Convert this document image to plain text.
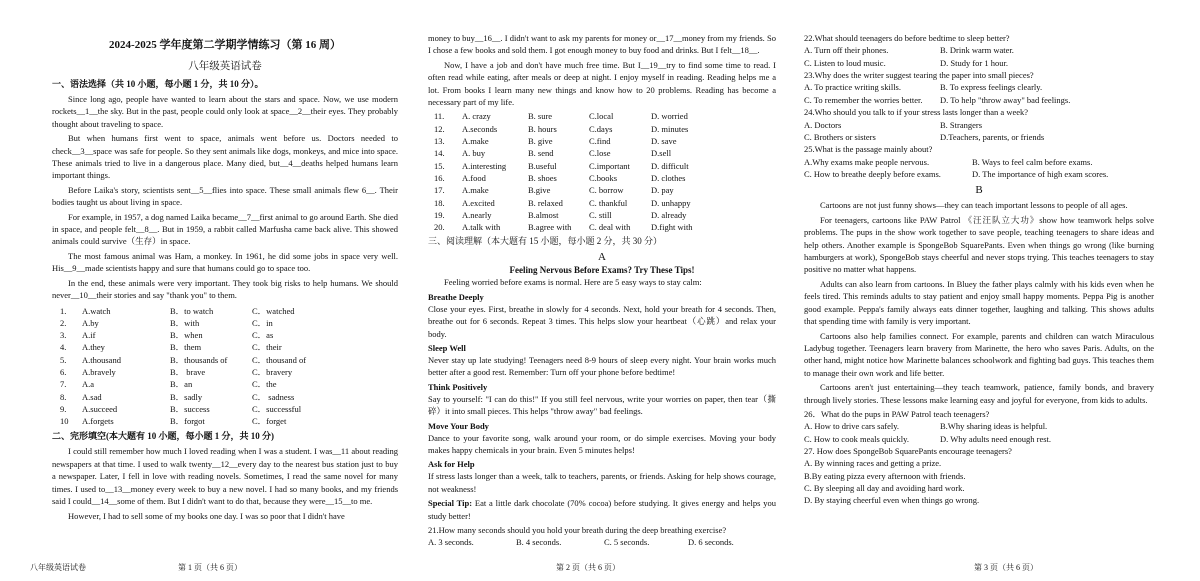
2024-2025 学年度第二学期学情练习（第 16 周）
八年级英语试卷
一、语法选择（共 10 小题，每小题 1 分，共 10 分）。

Since long ago, people have wanted to learn about the stars and space. Now, we use modern rockets__1__the sky. But in the past, people could only look at space__2__their eyes. They probably thought about traveling to space.

But when humans first went to space, animals went before us. Doctors needed to check__3__space was safe for people. So they sent animals like dogs, monkeys, and mice into space. These animals tried to live in a dangerous place. Many died, but__4__deaths helped humans learn important things.

Before Laika's story, scientists sent__5__flies into space. These small animals flew 6__. Their bodies taught us about living in space.

For example, in 1957, a dog named Laika became__7__first animal to go around Earth. She died in space, and people felt__8__. But in 1959, a rabbit called Marfusha came back alive. This showed animals could survive（生存）in space.

The most famous animal was Ham, a monkey. In 1961, he did some jobs in space very well. His__9__made scientists happy and sure that humans could go to space too.

In the end, these animals were very important. They took big risks to help humans. We should never__10__their stories and say "thank you" to them.

1.	A.watch	B．to watch	C．watched
2.	A.by	B．with	C．in
3.	A.if	B．when	C．as
4.	A.they	B．them	C．their
5.	A.thousand	B．thousands of	C．thousand of
6.	A.bravely	B． brave	C．bravery
7.	A.a	B．an	C．the
8.	A.sad	B．sadly	C． sadness
9.	A.succeed	B．success	C．successful
10	A.forgets	B．forgot	C．forget
二、完形填空(本大题有 10 小题，每小题 1 分，共 10 分)

I could still remember how much I loved reading when I was a student. I was__11 about reading newspapers at that time. I used to walk twenty__12__every day to the nearest bus station just to buy a newspaper. Later, I fell in love with reading novels. Sometimes, I read the same novel for many times. I used to__13__money every week to buy a new novel. I had so many books, and my friends said I could__14__some of them. But I didn't want to do that, because they were__15__to me.

However, I had to sell some of my books one day. I was so poor that I didn't have

八年级英语试卷	第 1 页（共 6 页）

money to buy__16__. I didn't want to ask my parents for money or__17__money from my friends. So I chose a few books and sold them. I got enough money to buy food and drinks. But I felt__18__.

Now, I have a job and don't have much free time. But I__19__try to find some time to read. I often read while eating, after meals or deep at night. I enjoy myself in reading. Reading helps me a lot. From books I learn many new things and know how to 20 problems. Reading has become a necessary part of my life.

11.	A. crazy	B. sure	C.local	D. worried
12.	A.seconds	B. hours	C.days	D. minutes
13.	A.make	B. give	C.find	D. save
14.	A. buy	B. send	C.lose	D.sell
15.	A.interesting	B.useful	C.important	D. difficult
16.	A.food	B. shoes	C.books	D. clothes
17.	A.make	B.give	C. borrow	D. pay
18.	A.excited	B. relaxed	C. thankful	D. unhappy
19.	A.nearly	B.almost	C. still	D. already
20.	A.talk with	B.agree with	C. deal with	D.fight with
三、阅读理解（本大题有 15 小题，每小题 2 分，共 30 分）
A
Feeling Nervous Before Exams? Try These Tips!

Feeling worried before exams is normal. Here are 5 easy ways to stay calm:

Breathe Deeply

Close your eyes. First, breathe in slowly for 4 seconds. Next, hold your breath for 4 seconds. Then, breathe out for 6 seconds. Repeat 3 times. This helps slow your heartbeat（心跳）and relax your body.

Sleep Well

Never stay up late studying! Teenagers need 8-9 hours of sleep every night. Your brain works much better after a good rest. Remember: Turn off your phone before bedtime!

Think Positively

Say to yourself: "I can do this!" If you still feel nervous, write your worries on paper, then tear（撕碎）it into small pieces. This helps "throw away" bad feelings.

Move Your Body

Dance to your favorite song, walk around your room, or do simple exercises. Moving your body makes happy chemicals in your brain. Even 5 minutes helps!

Ask for Help

If stress lasts longer than a week, talk to teachers, parents, or friends. Asking for help shows courage, not weakness!

Special Tip: Eat a little dark chocolate (70% cocoa) before studying. It gives energy and helps you study better!

21.How many seconds should you hold your breath during the deep breathing exercise?
A. 3 seconds.	B. 4 seconds.	C. 5 seconds.	D. 6 seconds.
第 2 页（共 6 页）
22.What should teenagers do before bedtime to sleep better?
A. Turn off their phones.	B. Drink warm water.
C. Listen to loud music.	D. Study for 1 hour.
23.Why does the writer suggest tearing the paper into small pieces?
A. To practice writing skills.	B. To express feelings clearly.
C. To remember the worries better.	D. To help "throw away" bad feelings.
24.Who should you talk to if your stress lasts longer than a week?
A. Doctors	B. Strangers
C. Brothers or sisters	D.Teachers, parents, or friends
25.What is the passage mainly about?
A.Why exams make people nervous.	B. Ways to feel calm before exams.
C. How to breathe deeply before exams.	D. The importance of high exam scores.
B

Cartoons are not just funny shows—they can teach important lessons to people of all ages.

For teenagers, cartoons like PAW Patrol 《汪汪队立大功》show how teamwork helps solve problems. The pups in the show work together to save people, teaching teenagers to share ideas and help others. Another example is SpongeBob SquarePants. Even when things go wrong (like burning hamburgers at work), SpongeBob stays cheerful and never stops trying. This teaches teenagers to stay positive no matter what happens.

Adults can also learn from cartoons. In Bluey the father plays calmly with his kids even when he feels tired. This reminds adults to stay patient and enjoy small happy moments. Peppa Pig is another good example. Peppa's family always eats dinner together, laughing and talking. This shows adults that spending time with family is very important.

Cartoons also help families connect. For example, parents and children can watch Miraculous Ladybug together. Teenagers learn bravery from Marinette, the hero who saves Paris. Adults, on the other hand, might notice how Marinette balances schoolwork and fighting bad guys. This teaches them to manage their own work and life better.

Cartoons aren't just entertaining—they teach teamwork, patience, family bonds, and bravery through lively stories. These lessons make learning easy and joyful for everyone, from kids to adults.

26．What do the pups in PAW Patrol teach teenagers?
A. How to drive cars safely.	B.Why sharing ideas is helpful.
C. How to cook meals quickly.	D. Why adults need enough rest.
27. How does SpongeBob SquarePants encourage teenagers?
A. By winning races and getting a prize.
B.By eating pizza every afternoon with friends.
C. By sleeping all day and avoiding hard work.
D. By staying cheerful even when things go wrong.
第 3 页（共 6 页）
